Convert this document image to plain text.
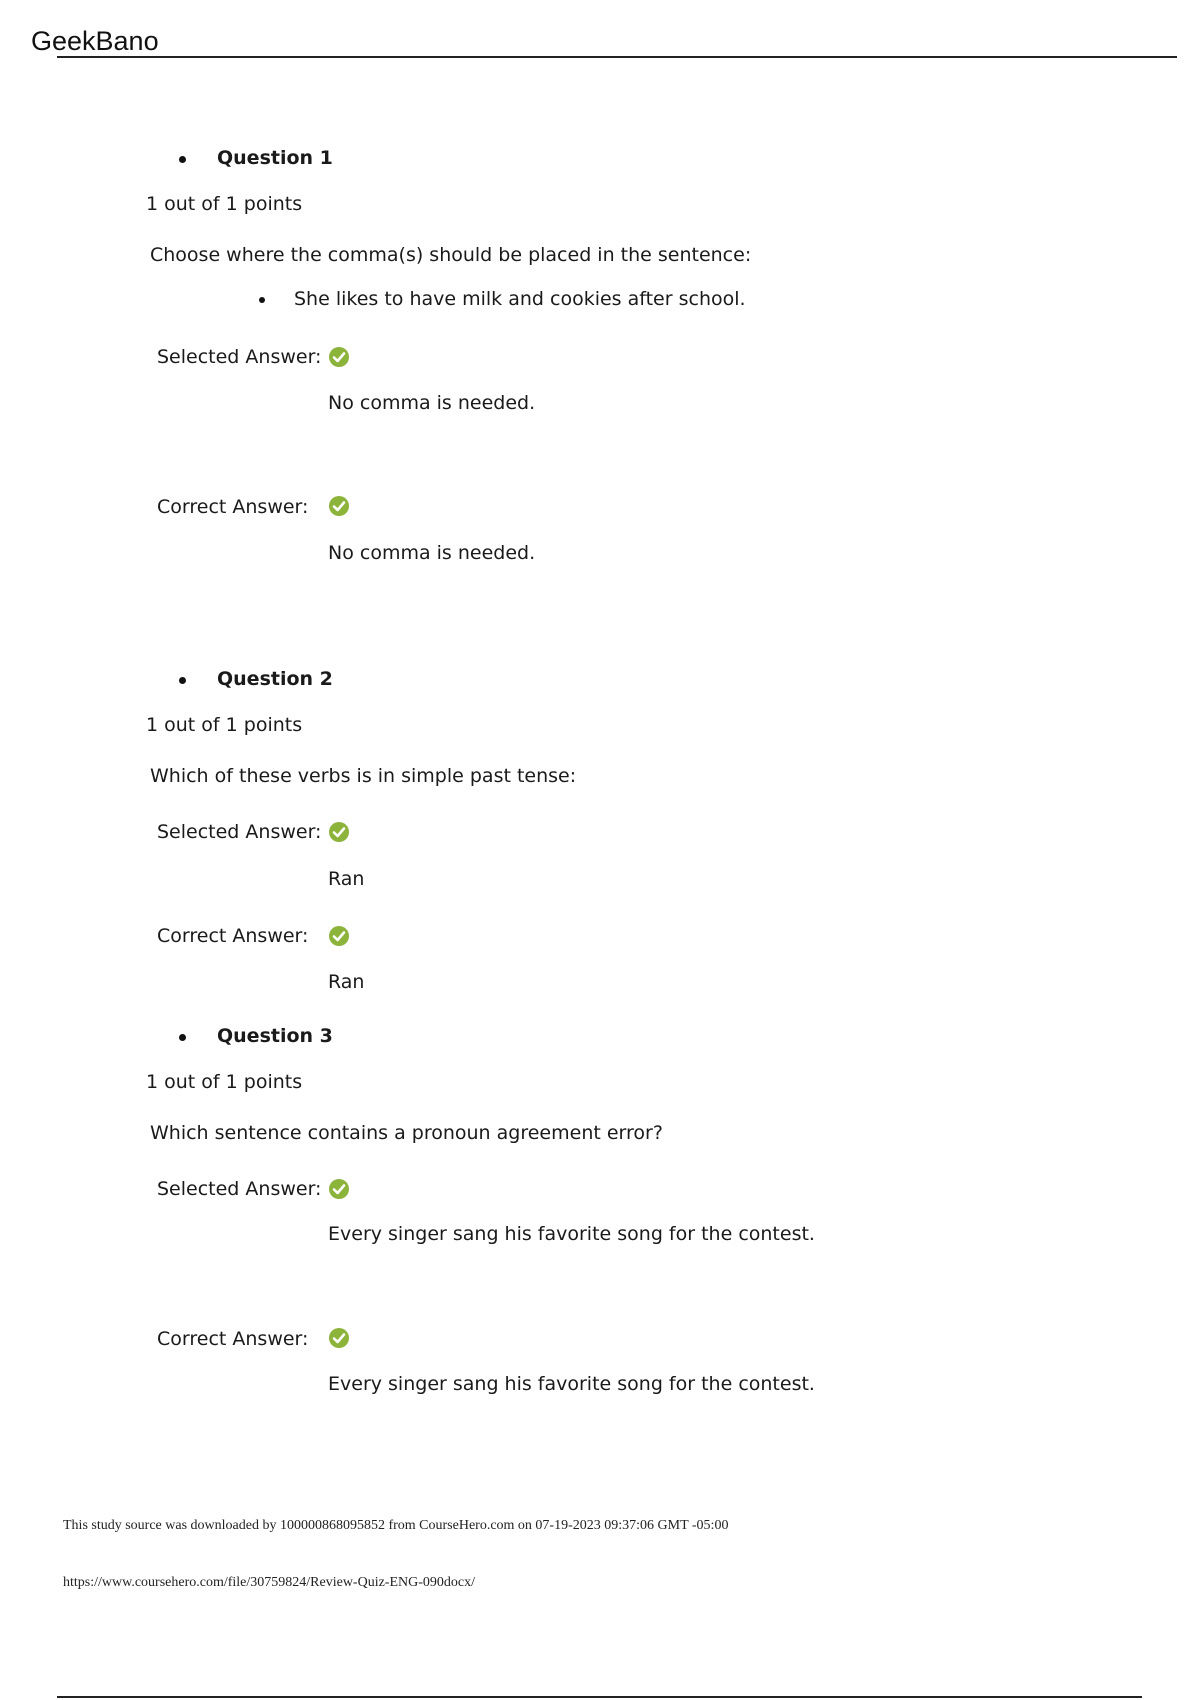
GeekBano
Question 1
1 out of 1 points
Choose where the comma(s) should be placed in the sentence:
She likes to have milk and cookies after school.
Selected Answer:
No comma is needed.
Correct Answer:
No comma is needed.
Question 2
1 out of 1 points
Which of these verbs is in simple past tense:
Selected Answer:
Ran
Correct Answer:
Ran
Question 3
1 out of 1 points
Which sentence contains a pronoun agreement error?
Selected Answer:
Every singer sang his favorite song for the contest.
Correct Answer:
Every singer sang his favorite song for the contest.
This study source was downloaded by 100000868095852 from CourseHero.com on 07-19-2023 09:37:06 GMT -05:00
https://www.coursehero.com/file/30759824/Review-Quiz-ENG-090docx/
